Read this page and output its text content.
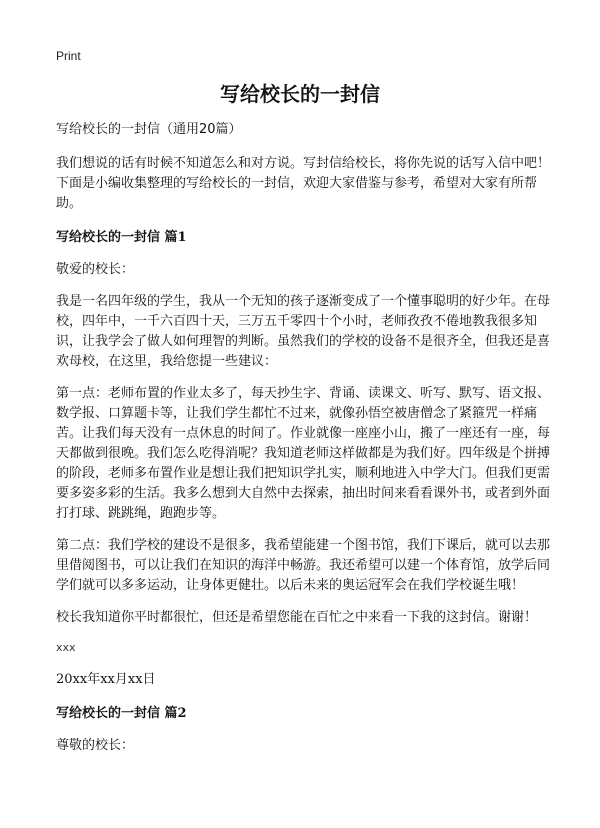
Print
写给校长的一封信

写给校长的一封信（通用20篇）

我们想说的话有时候不知道怎么和对方说。写封信给校长，将你先说的话写入信中吧！下面是小编收集整理的写给校长的一封信，欢迎大家借鉴与参考，希望对大家有所帮助。

写给校长的一封信 篇1

敬爱的校长：

我是一名四年级的学生，我从一个无知的孩子逐渐变成了一个懂事聪明的好少年。在母校，四年中，一千六百四十天，三万五千零四十个小时，老师孜孜不倦地教我很多知识，让我学会了做人如何理智的判断。虽然我们的学校的设备不是很齐全，但我还是喜欢母校，在这里，我给您提一些建议：

第一点：老师布置的作业太多了，每天抄生字、背诵、读课文、听写、默写、语文报、数学报、口算题卡等，让我们学生都忙不过来，就像孙悟空被唐僧念了紧箍咒一样痛苦。让我们每天没有一点休息的时间了。作业就像一座座小山，搬了一座还有一座，每天都做到很晚。我们怎么吃得消呢？我知道老师这样做都是为我们好。四年级是个拼搏的阶段，老师多布置作业是想让我们把知识学扎实，顺利地进入中学大门。但我们更需要多姿多彩的生活。我多么想到大自然中去探索，抽出时间来看看课外书，或者到外面打打球、跳跳绳，跑跑步等。

第二点：我们学校的建设不是很多，我希望能建一个图书馆，我们下课后，就可以去那里借阅图书，可以让我们在知识的海洋中畅游。我还希望可以建一个体育馆，放学后同学们就可以多多运动，让身体更健壮。以后未来的奥运冠军会在我们学校诞生哦！

校长我知道你平时都很忙，但还是希望您能在百忙之中来看一下我的这封信。谢谢！

xxx

20xx年xx月xx日

写给校长的一封信 篇2

尊敬的校长：
